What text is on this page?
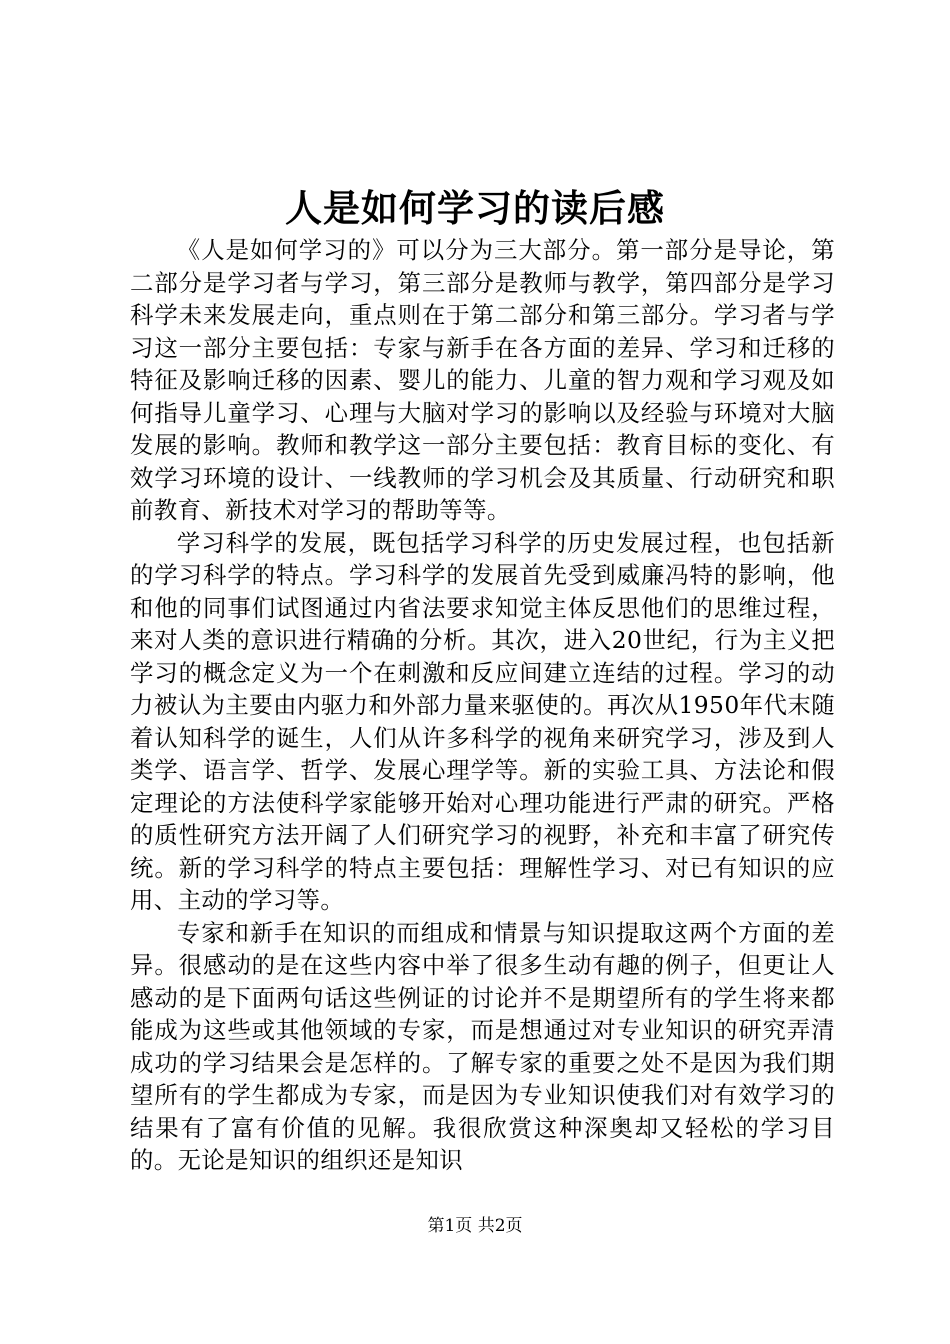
人是如何学习的读后感

《人是如何学习的》可以分为三大部分。第一部分是导论，第二部分是学习者与学习，第三部分是教师与教学，第四部分是学习科学未来发展走向，重点则在于第二部分和第三部分。学习者与学习这一部分主要包括：专家与新手在各方面的差异、学习和迁移的特征及影响迁移的因素、婴儿的能力、儿童的智力观和学习观及如何指导儿童学习、心理与大脑对学习的影响以及经验与环境对大脑发展的影响。教师和教学这一部分主要包括：教育目标的变化、有效学习环境的设计、一线教师的学习机会及其质量、行动研究和职前教育、新技术对学习的帮助等等。

学习科学的发展，既包括学习科学的历史发展过程，也包括新的学习科学的特点。学习科学的发展首先受到威廉冯特的影响，他和他的同事们试图通过内省法要求知觉主体反思他们的思维过程，来对人类的意识进行精确的分析。其次，进入20世纪，行为主义把学习的概念定义为一个在刺激和反应间建立连结的过程。学习的动力被认为主要由内驱力和外部力量来驱使的。再次从1950年代末随着认知科学的诞生，人们从许多科学的视角来研究学习，涉及到人类学、语言学、哲学、发展心理学等。新的实验工具、方法论和假定理论的方法使科学家能够开始对心理功能进行严肃的研究。严格的质性研究方法开阔了人们研究学习的视野，补充和丰富了研究传统。新的学习科学的特点主要包括：理解性学习、对已有知识的应用、主动的学习等。

专家和新手在知识的而组成和情景与知识提取这两个方面的差异。很感动的是在这些内容中举了很多生动有趣的例子，但更让人感动的是下面两句话这些例证的讨论并不是期望所有的学生将来都能成为这些或其他领域的专家，而是想通过对专业知识的研究弄清成功的学习结果会是怎样的。了解专家的重要之处不是因为我们期望所有的学生都成为专家，而是因为专业知识使我们对有效学习的结果有了富有价值的见解。我很欣赏这种深奥却又轻松的学习目的。无论是知识的组织还是知识

第1页 共2页
